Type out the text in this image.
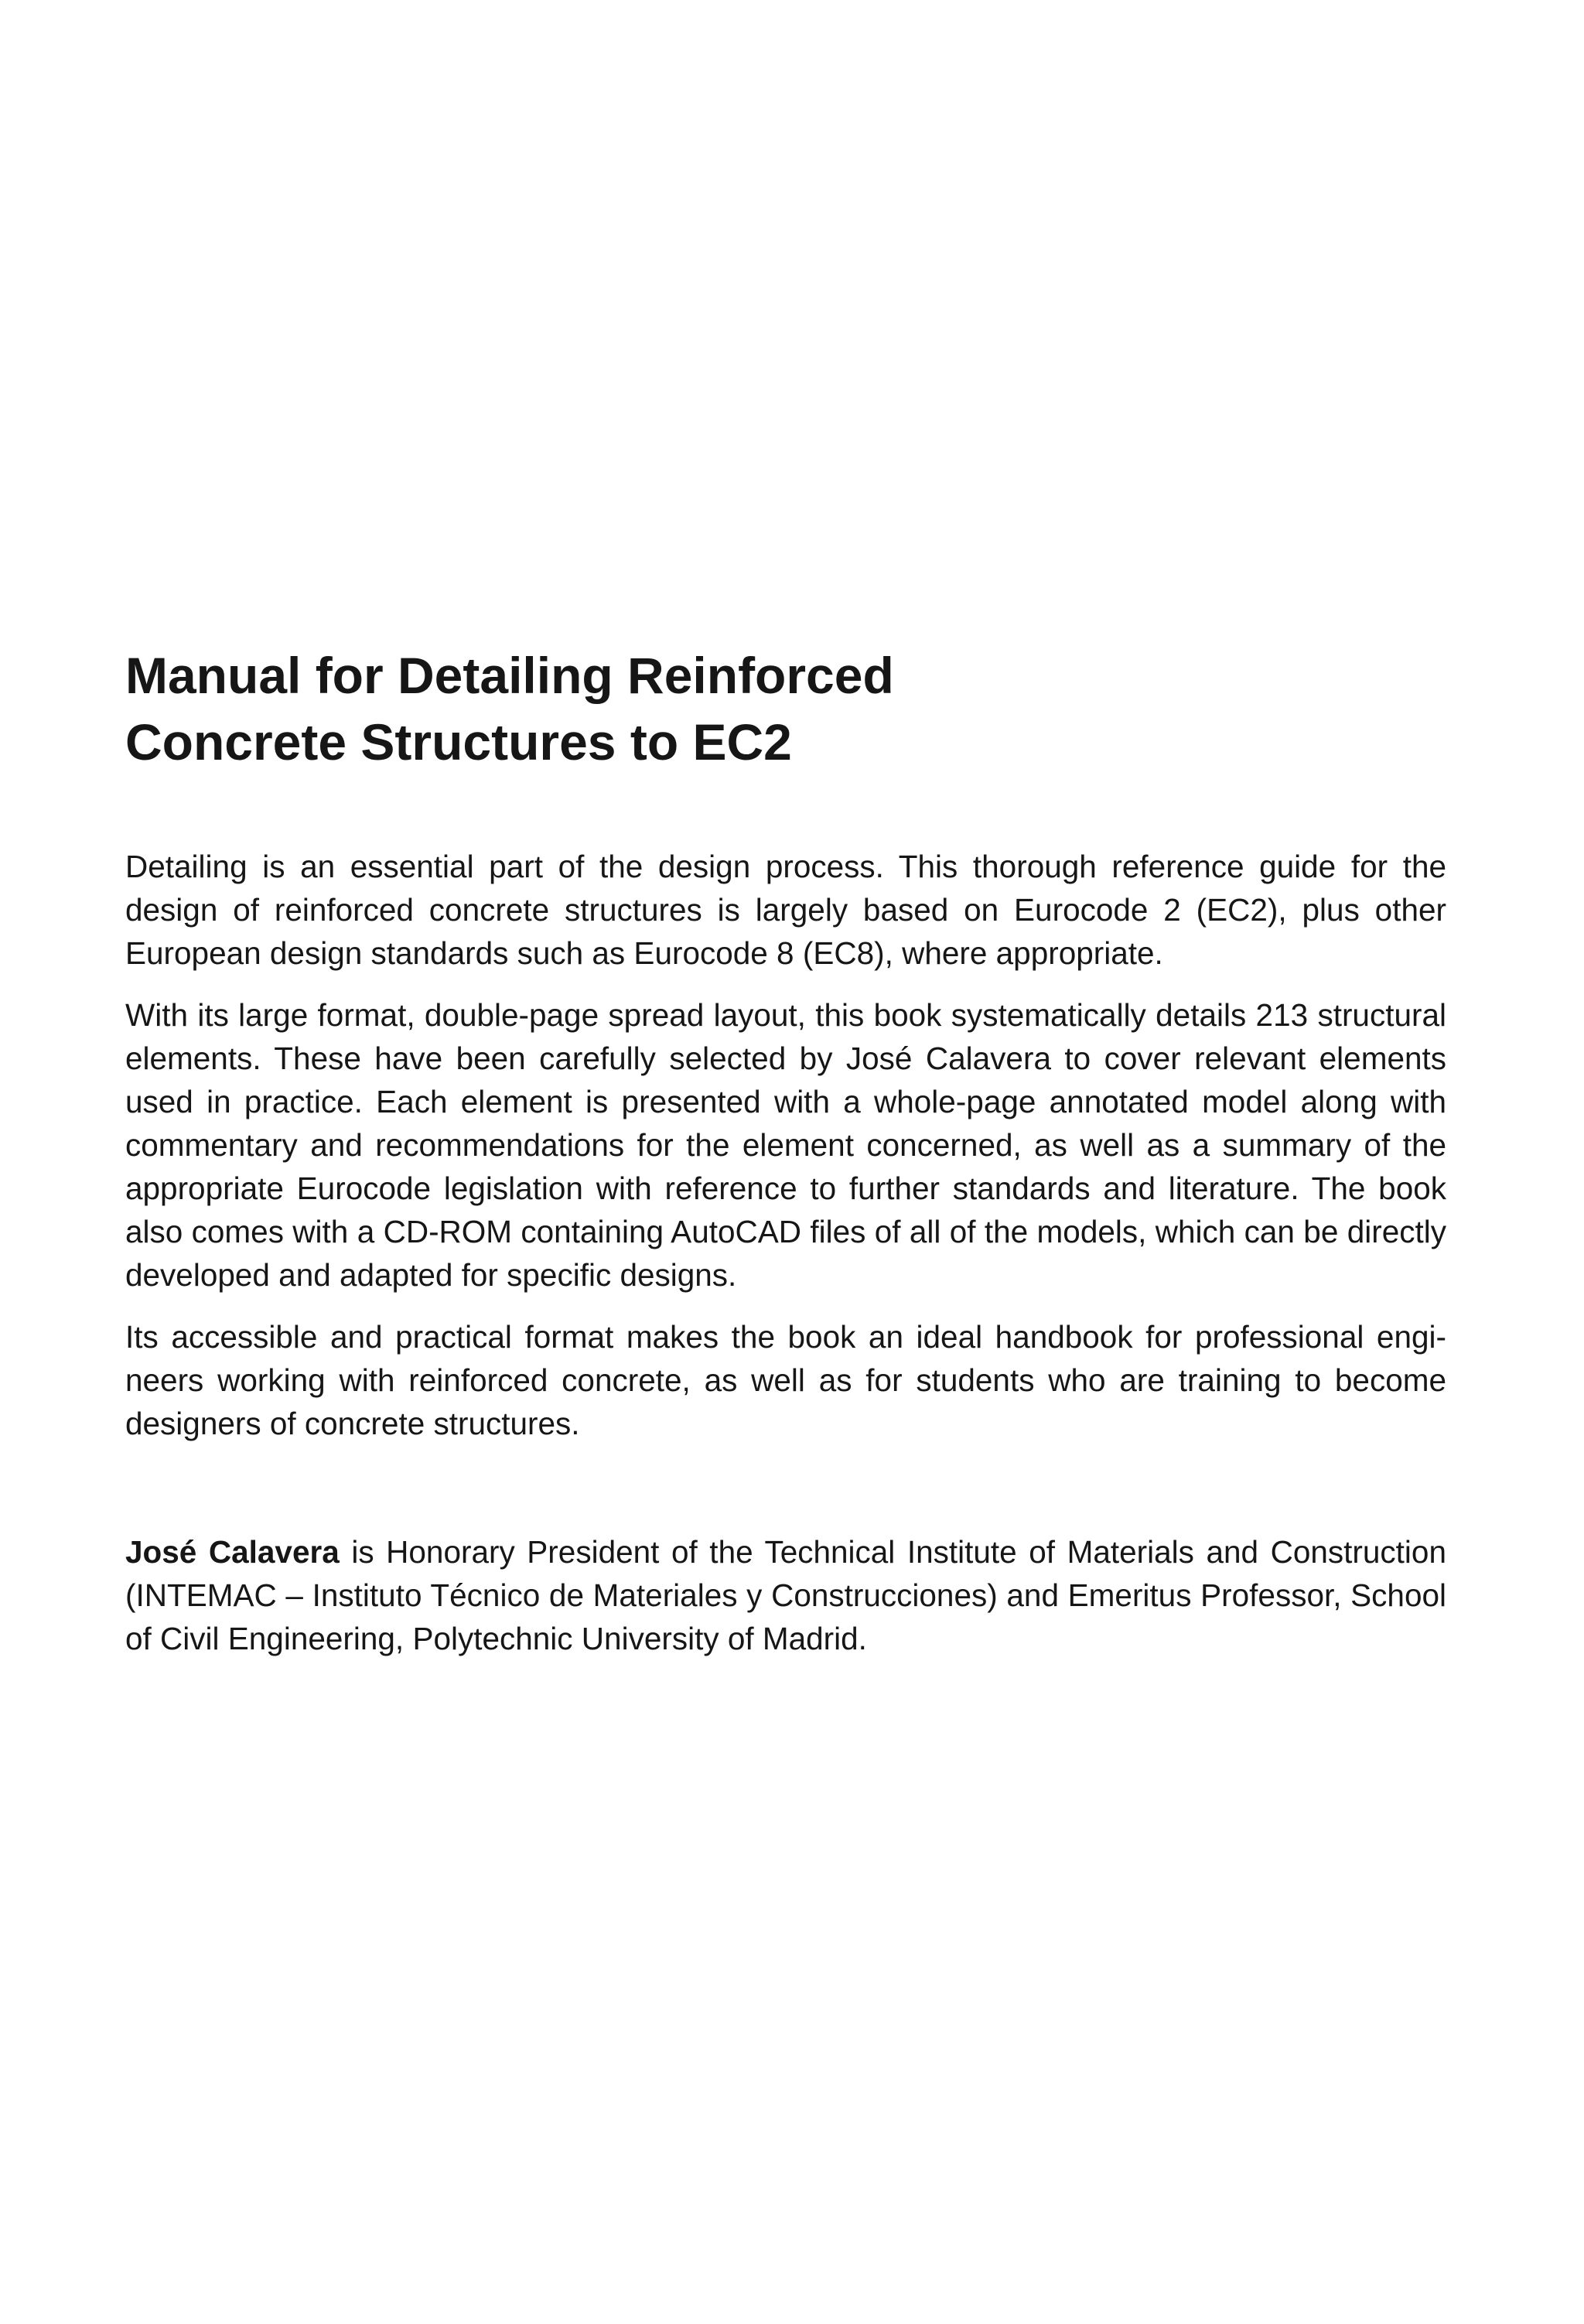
Manual for Detailing Reinforced
Concrete Structures to EC2

Detailing is an essential part of the design process. This thorough reference guide for the design of reinforced concrete structures is largely based on Eurocode 2 (EC2), plus other European design standards such as Eurocode 8 (EC8), where appropriate.

With its large format, double-page spread layout, this book systematically details 213 structural elements. These have been carefully selected by José Calavera to cover relevant elements used in practice. Each element is presented with a whole-page annotated model along with commentary and recommendations for the element concerned, as well as a summary of the appropriate Eurocode legislation with reference to further standards and literature. The book also comes with a CD-ROM containing AutoCAD files of all of the models, which can be directly developed and adapted for specific designs.

Its accessible and practical format makes the book an ideal handbook for professional engineers working with reinforced concrete, as well as for students who are training to become designers of concrete structures.

José Calavera is Honorary President of the Technical Institute of Materials and Construction (INTEMAC – Instituto Técnico de Materiales y Construcciones) and Emeritus Professor, School of Civil Engineering, Polytechnic University of Madrid.
